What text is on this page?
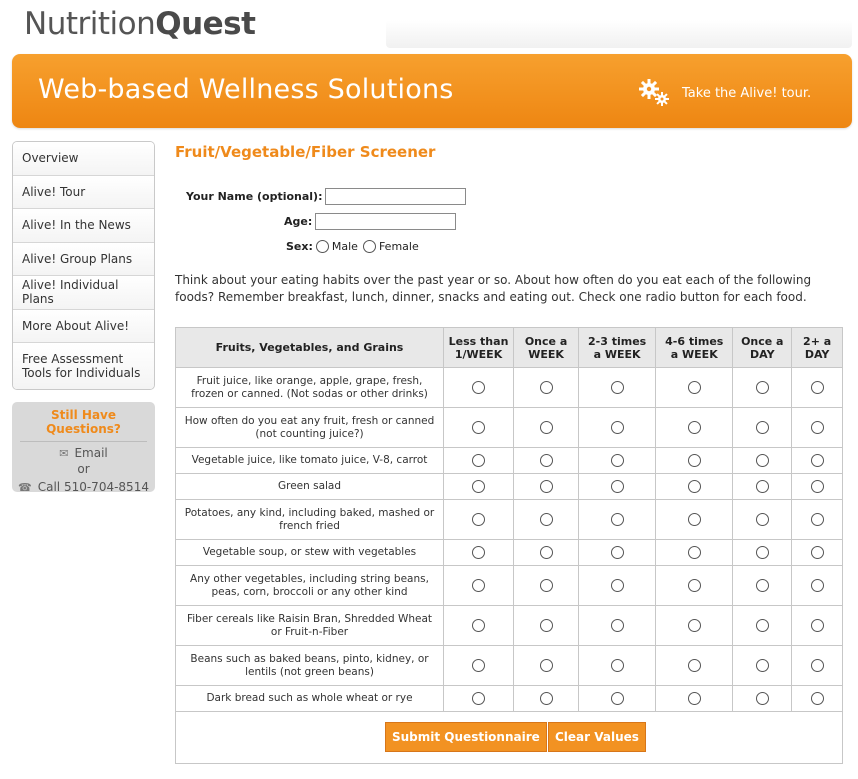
NutritionQuest
Web-based Wellness Solutions	Take the Alive! tour.
Overview
Alive! Tour
Alive! In the News
Alive! Group Plans
Alive! Individual Plans
More About Alive!
Free Assessment Tools for Individuals
Still Have Questions?
✉ Email
or
☎ Call 510-704-8514
Fruit/Vegetable/Fiber Screener
Your Name (optional):
Age:
Sex: Male Female
Think about your eating habits over the past year or so. About how often do you eat each of the following foods? Remember breakfast, lunch, dinner, snacks and eating out. Check one radio button for each food.
Fruits, Vegetables, and Grains	Less than 1/WEEK	Once a WEEK	2-3 times a WEEK	4-6 times a WEEK	Once a DAY	2+ a DAY
Fruit juice, like orange, apple, grape, fresh, frozen or canned. (Not sodas or other drinks)						
How often do you eat any fruit, fresh or canned (not counting juice?)						
Vegetable juice, like tomato juice, V-8, carrot						
Green salad						
Potatoes, any kind, including baked, mashed or french fried						
Vegetable soup, or stew with vegetables						
Any other vegetables, including string beans, peas, corn, broccoli or any other kind						
Fiber cereals like Raisin Bran, Shredded Wheat or Fruit-n-Fiber						
Beans such as baked beans, pinto, kidney, or lentils (not green beans)						
Dark bread such as whole wheat or rye						
Submit Questionnaire	Clear Values
